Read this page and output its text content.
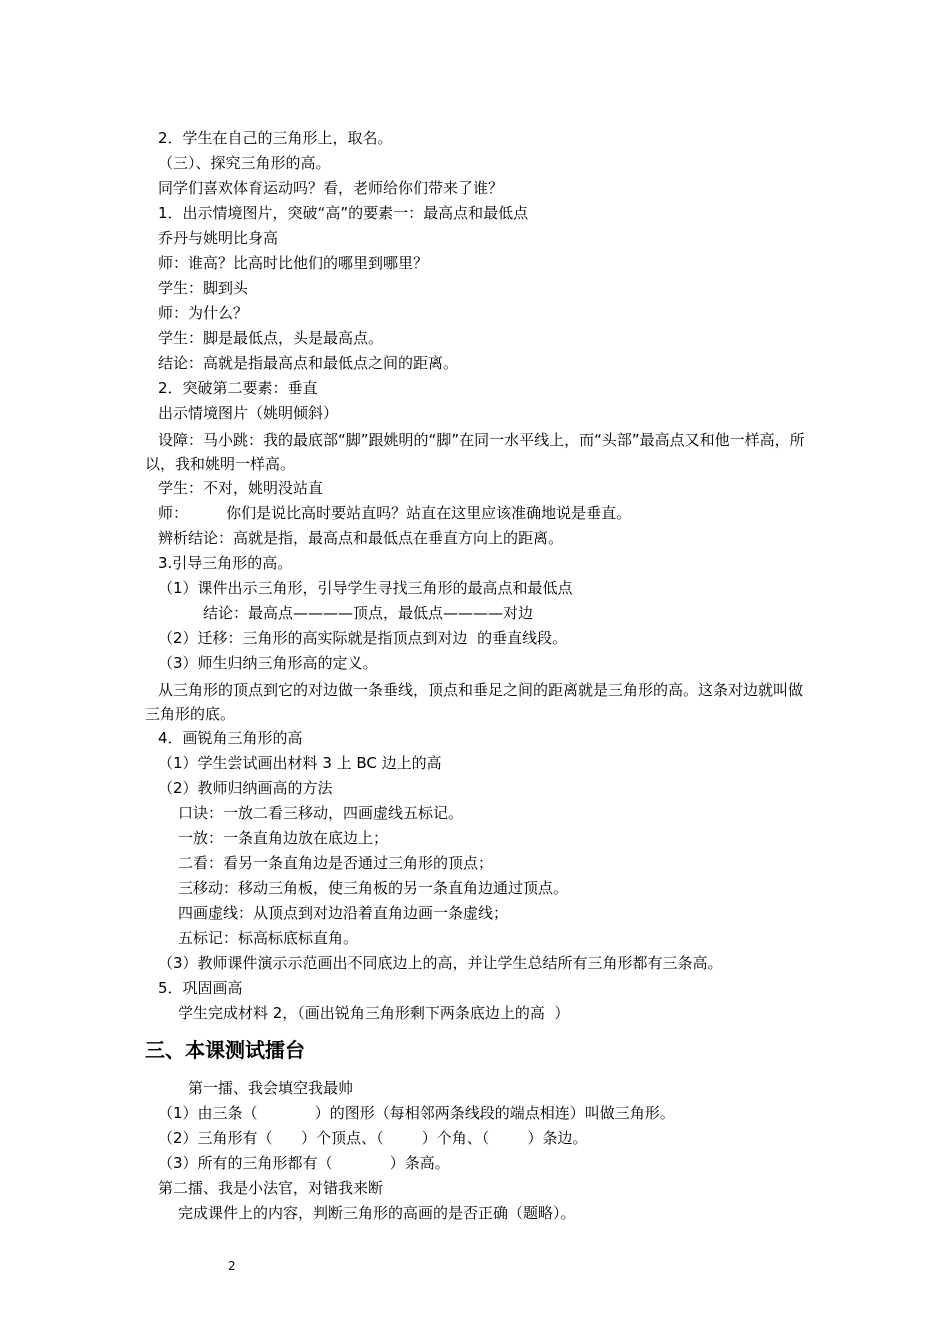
2．学生在自己的三角形上，取名。
（三）、探究三角形的高。
同学们喜欢体育运动吗？看，老师给你们带来了谁？
1．出示情境图片，突破“高”的要素一：最高点和最低点
乔丹与姚明比身高
师：谁高？比高时比他们的哪里到哪里？
学生：脚到头
师：为什么？
学生：脚是最低点，头是最高点。
结论：高就是指最高点和最低点之间的距离。
2．突破第二要素：垂直
出示情境图片（姚明倾斜）
设障：马小跳：我的最底部“脚”跟姚明的“脚”在同一水平线上，而“头部”最高点又和他一样高，所以，我和姚明一样高。
学生：不对，姚明没站直
师：        你们是说比高时要站直吗？站直在这里应该准确地说是垂直。
辨析结论：高就是指，最高点和最低点在垂直方向上的距离。
3.引导三角形的高。
（1）课件出示三角形，引导学生寻找三角形的最高点和最低点
结论：最高点————顶点，最低点————对边
（2）迁移：三角形的高实际就是指顶点到对边  的垂直线段。
（3）师生归纳三角形高的定义。
从三角形的顶点到它的对边做一条垂线，顶点和垂足之间的距离就是三角形的高。这条对边就叫做三角形的底。
4．画锐角三角形的高
（1）学生尝试画出材料 3 上 BC 边上的高
（2）教师归纳画高的方法
口诀：一放二看三移动，四画虚线五标记。
一放：一条直角边放在底边上；
二看：看另一条直角边是否通过三角形的顶点；
三移动：移动三角板，使三角板的另一条直角边通过顶点。
四画虚线：从顶点到对边沿着直角边画一条虚线；
五标记：标高标底标直角。
（3）教师课件演示示范画出不同底边上的高，并让学生总结所有三角形都有三条高。
5．巩固画高
学生完成材料 2，（画出锐角三角形剩下两条底边上的高  ）
三、本课测试擂台
第一擂、我会填空我最帅
（1）由三条（            ）的图形（每相邻两条线段的端点相连）叫做三角形。
（2）三角形有（      ）个顶点、（        ）个角、（        ）条边。
（3）所有的三角形都有（            ）条高。
第二擂、我是小法官，对错我来断
完成课件上的内容，判断三角形的高画的是否正确（题略）。
2
